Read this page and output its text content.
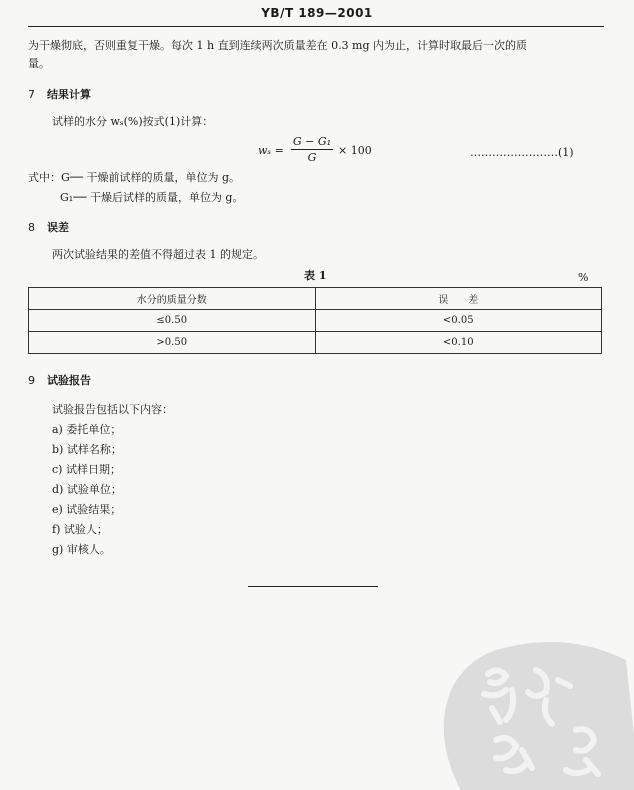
YB/T 189—2001
为干燥彻底，否则重复干燥。每次 1 h 直到连续两次质量差在 0.3 mg 内为止，计算时取最后一次的质
量。
7 结果计算
试样的水分 wₛ(%)按式(1)计算：
wₛ =
G − G₁
G
× 100	……………………(1)
式中：G── 干燥前试样的质量，单位为 g。
G₁── 干燥后试样的质量，单位为 g。
8 误差
两次试验结果的差值不得超过表 1 的规定。
表 1	%
水分的质量分数	误　　差
≤0.50	<0.05
>0.50	<0.10
9 试验报告
试验报告包括以下内容：
a) 委托单位；
b) 试样名称；
c) 试样日期；
d) 试验单位；
e) 试验结果；
f) 试验人；
g) 审核人。
